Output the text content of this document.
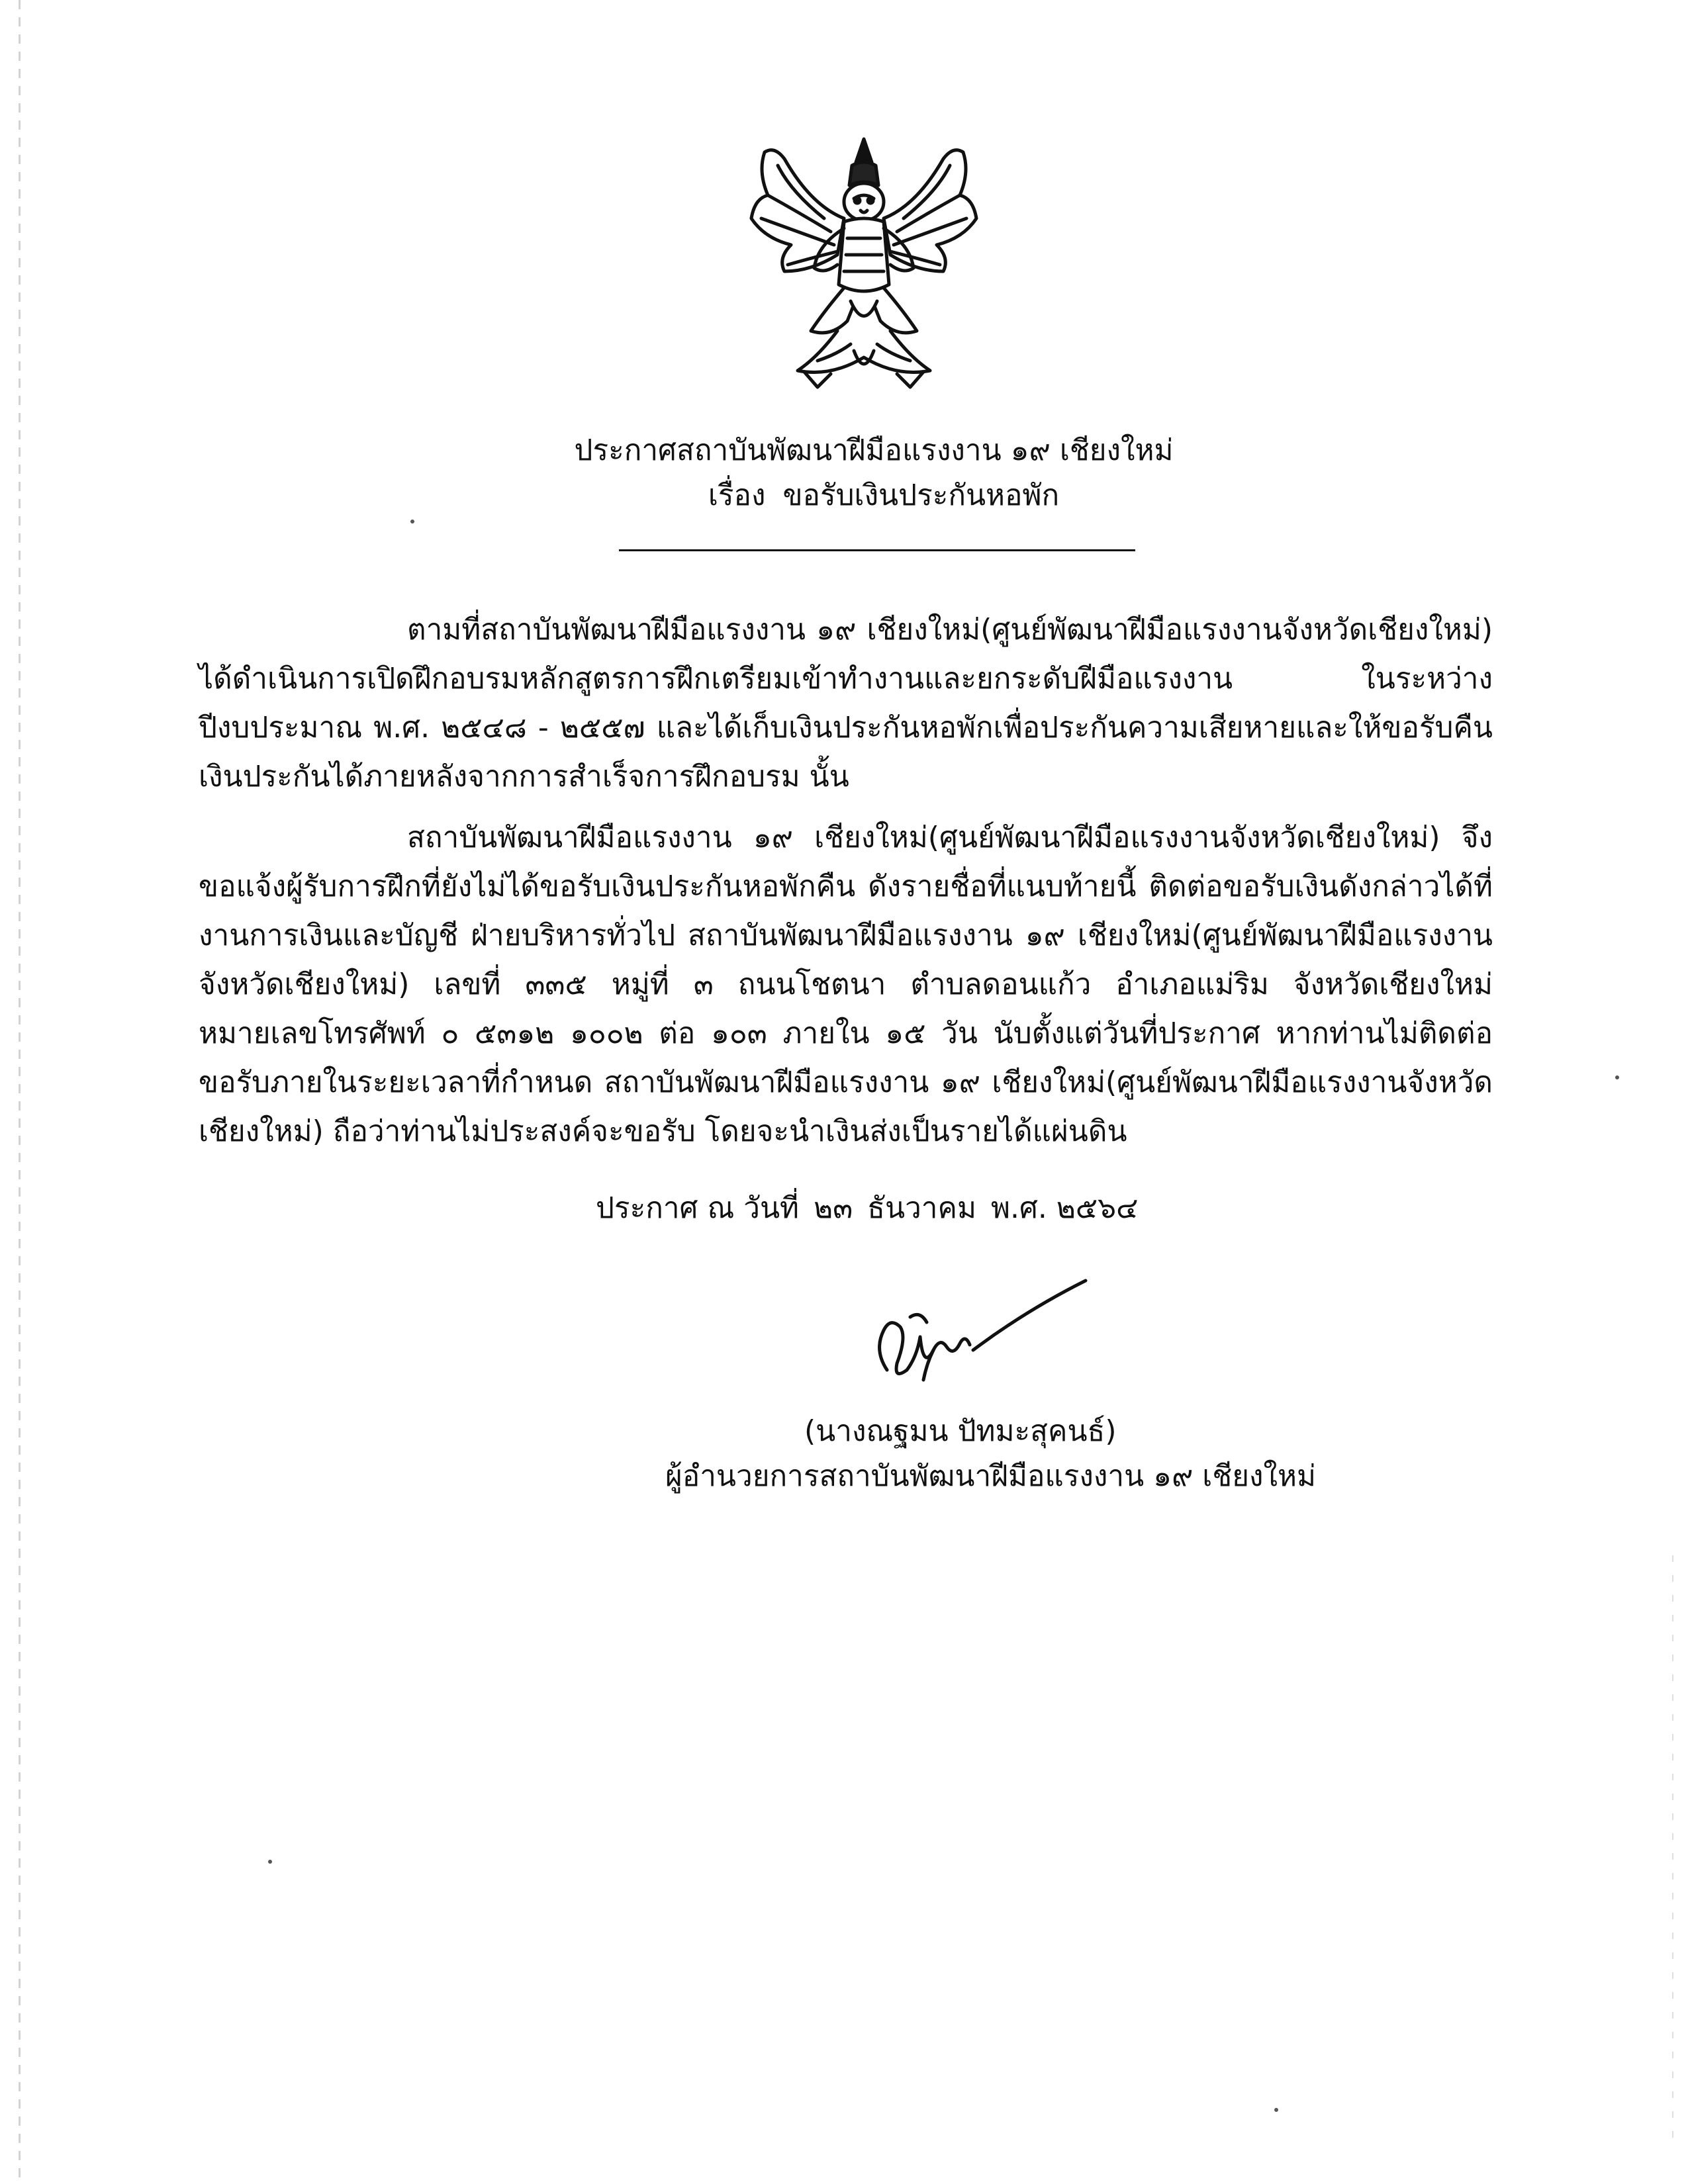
ประกาศสถาบันพัฒนาฝีมือแรงงาน ๑๙ เชียงใหม่
เรื่อง ขอรับเงินประกันหอพัก

ตามที่สถาบันพัฒนาฝีมือแรงงาน ๑๙ เชียงใหม่(ศูนย์พัฒนาฝีมือแรงงานจังหวัดเชียงใหม่) ได้ดำเนินการเปิดฝึกอบรมหลักสูตรการฝึกเตรียมเข้าทำงานและยกระดับฝีมือแรงงาน ในระหว่างปีงบประมาณ พ.ศ. ๒๕๔๘ - ๒๕๕๗ และได้เก็บเงินประกันหอพักเพื่อประกันความเสียหายและให้ขอรับคืนเงินประกันได้ภายหลังจากการสำเร็จการฝึกอบรม นั้น

สถาบันพัฒนาฝีมือแรงงาน ๑๙ เชียงใหม่(ศูนย์พัฒนาฝีมือแรงงานจังหวัดเชียงใหม่) จึงขอแจ้งผู้รับการฝึกที่ยังไม่ได้ขอรับเงินประกันหอพักคืน ดังรายชื่อที่แนบท้ายนี้ ติดต่อขอรับเงินดังกล่าวได้ที่ งานการเงินและบัญชี ฝ่ายบริหารทั่วไป สถาบันพัฒนาฝีมือแรงงาน ๑๙ เชียงใหม่(ศูนย์พัฒนาฝีมือแรงงานจังหวัดเชียงใหม่) เลขที่ ๓๓๕ หมู่ที่ ๓ ถนนโชตนา ตำบลดอนแก้ว อำเภอแม่ริม จังหวัดเชียงใหม่ หมายเลขโทรศัพท์ ๐ ๕๓๑๒ ๑๐๐๒ ต่อ ๑๐๓ ภายใน ๑๕ วัน นับตั้งแต่วันที่ประกาศ หากท่านไม่ติดต่อขอรับภายในระยะเวลาที่กำหนด สถาบันพัฒนาฝีมือแรงงาน ๑๙ เชียงใหม่(ศูนย์พัฒนาฝีมือแรงงานจังหวัดเชียงใหม่) ถือว่าท่านไม่ประสงค์จะขอรับ โดยจะนำเงินส่งเป็นรายได้แผ่นดิน

ประกาศ ณ วันที่ ๒๓ ธันวาคม พ.ศ. ๒๕๖๔
(นางณฐมน ปัทมะสุคนธ์)
ผู้อำนวยการสถาบันพัฒนาฝีมือแรงงาน ๑๙ เชียงใหม่
